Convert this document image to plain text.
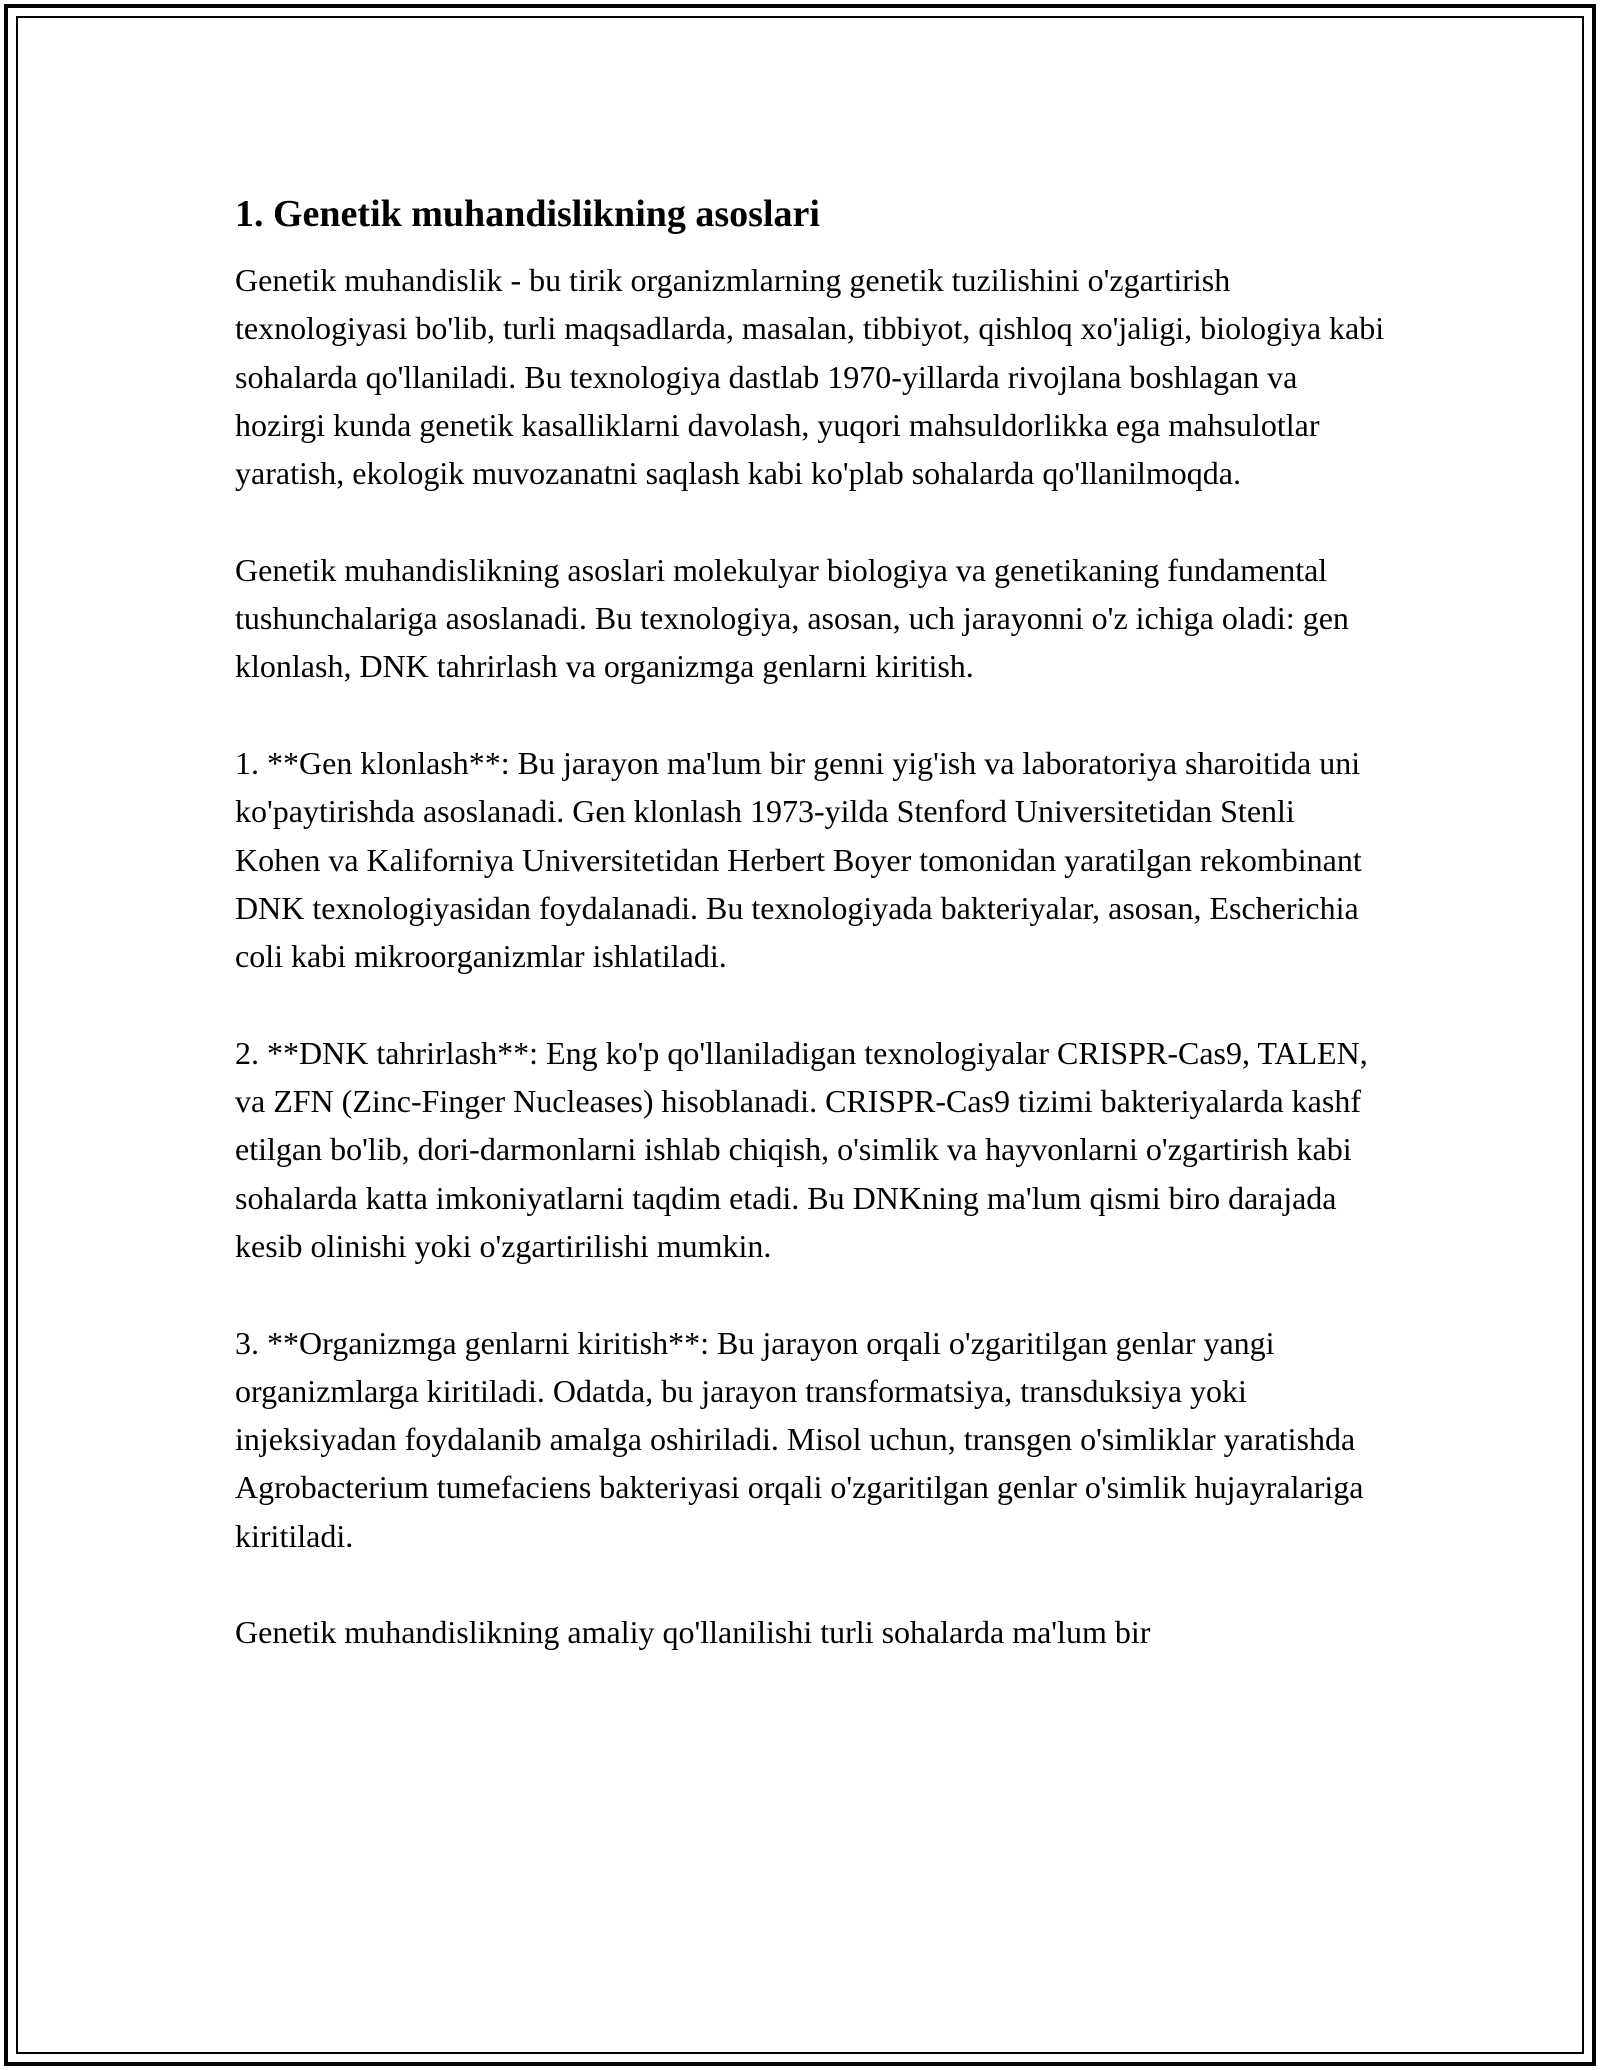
1. Genetik muhandislikning asoslari

Genetik muhandislik - bu tirik organizmlarning genetik tuzilishini o'zgartirish texnologiyasi bo'lib, turli maqsadlarda, masalan, tibbiyot, qishloq xo'jaligi, biologiya kabi sohalarda qo'llaniladi. Bu texnologiya dastlab 1970-yillarda rivojlana boshlagan va hozirgi kunda genetik kasalliklarni davolash, yuqori mahsuldorlikka ega mahsulotlar yaratish, ekologik muvozanatni saqlash kabi ko'plab sohalarda qo'llanilmoqda.

Genetik muhandislikning asoslari molekulyar biologiya va genetikaning fundamental tushunchalariga asoslanadi. Bu texnologiya, asosan, uch jarayonni o'z ichiga oladi: gen klonlash, DNK tahrirlash va organizmga genlarni kiritish.

1. **Gen klonlash**: Bu jarayon ma'lum bir genni yig'ish va laboratoriya sharoitida uni ko'paytirishda asoslanadi. Gen klonlash 1973-yilda Stenford Universitetidan Stenli Kohen va Kaliforniya Universitetidan Herbert Boyer tomonidan yaratilgan rekombinant DNK texnologiyasidan foydalanadi. Bu texnologiyada bakteriyalar, asosan, Escherichia coli kabi mikroorganizmlar ishlatiladi.

2. **DNK tahrirlash**: Eng ko'p qo'llaniladigan texnologiyalar CRISPR-Cas9, TALEN, va ZFN (Zinc-Finger Nucleases) hisoblanadi. CRISPR-Cas9 tizimi bakteriyalarda kashf etilgan bo'lib, dori-darmonlarni ishlab chiqish, o'simlik va hayvonlarni o'zgartirish kabi sohalarda katta imkoniyatlarni taqdim etadi. Bu DNKning ma'lum qismi biro darajada kesib olinishi yoki o'zgartirilishi mumkin.

3. **Organizmga genlarni kiritish**: Bu jarayon orqali o'zgaritilgan genlar yangi organizmlarga kiritiladi. Odatda, bu jarayon transformatsiya, transduksiya yoki injeksiyadan foydalanib amalga oshiriladi. Misol uchun, transgen o'simliklar yaratishda Agrobacterium tumefaciens bakteriyasi orqali o'zgaritilgan genlar o'simlik hujayralariga kiritiladi.

Genetik muhandislikning amaliy qo'llanilishi turli sohalarda ma'lum bir
